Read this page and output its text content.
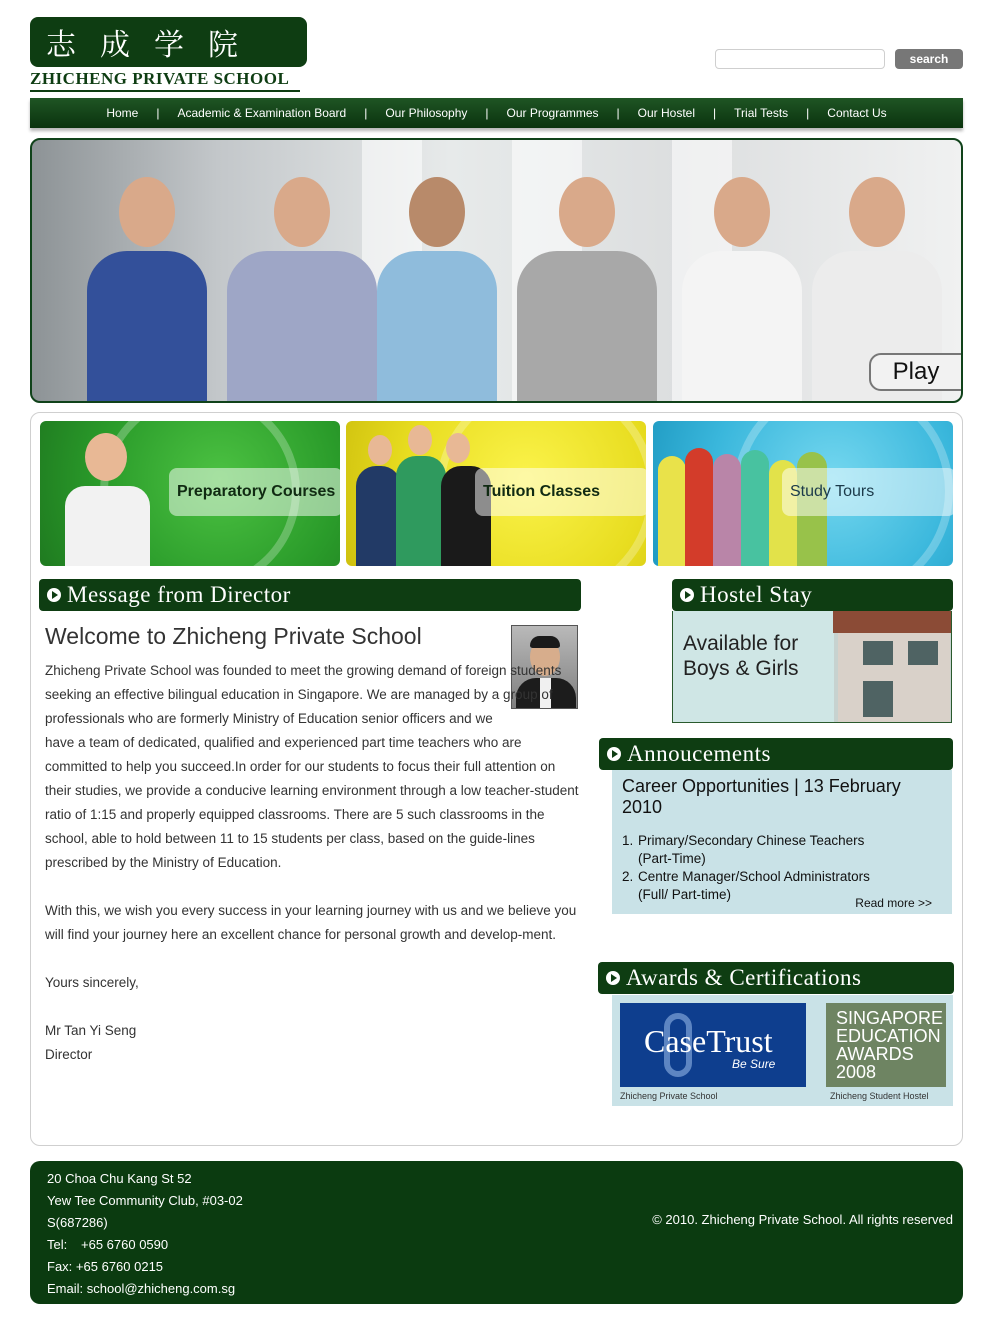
志成学院
ZHICHENG PRIVATE SCHOOL
search
Home	|	Academic & Examination Board	|	Our Philosophy	|	Our Programmes	|	Our Hostel	|	Trial Tests	|	Contact Us
Play
Preparatory Courses	Tuition Classes	Study Tours
Message from Director
Welcome to Zhicheng Private School

Zhicheng Private School was founded to meet the growing demand of foreign students seeking an effective bilingual education in Singapore. We are managed by a group of professionals who are formerly Ministry of Education senior officers and we

have a team of dedicated, qualified and experienced part time teachers who are committed to help you succeed.In order for our students to focus their full attention on their studies, we provide a conducive learning environment through a low teacher-student ratio of 1:15 and properly equipped classrooms. There are 5 such classrooms in the school, able to hold between 11 to 15 students per class, based on the guide-lines prescribed by the Ministry of Education.

With this, we wish you every success in your learning journey with us and we believe you will find your journey here an excellent chance for personal growth and develop-ment.

Yours sincerely,

Mr Tan Yi Seng
Director
Hostel Stay
Available for
Boys & Girls
Annoucements
Career Opportunities | 13 February 2010
1. Primary/Secondary Chinese Teachers
(Part-Time)
2. Centre Manager/School Administrators
(Full/ Part-time)
Read more >>
Awards & Certifications
CaseTrust
Be Sure
Zhicheng Private School
SINGAPORE
EDUCATION
AWARDS
2008
Zhicheng Student Hostel
20 Choa Chu Kang St 52
Yew Tee Community Club, #03-02
S(687286)
Tel: +65 6760 0590
Fax: +65 6760 0215
Email: school@zhicheng.com.sg
© 2010. Zhicheng Private School. All rights reserved
